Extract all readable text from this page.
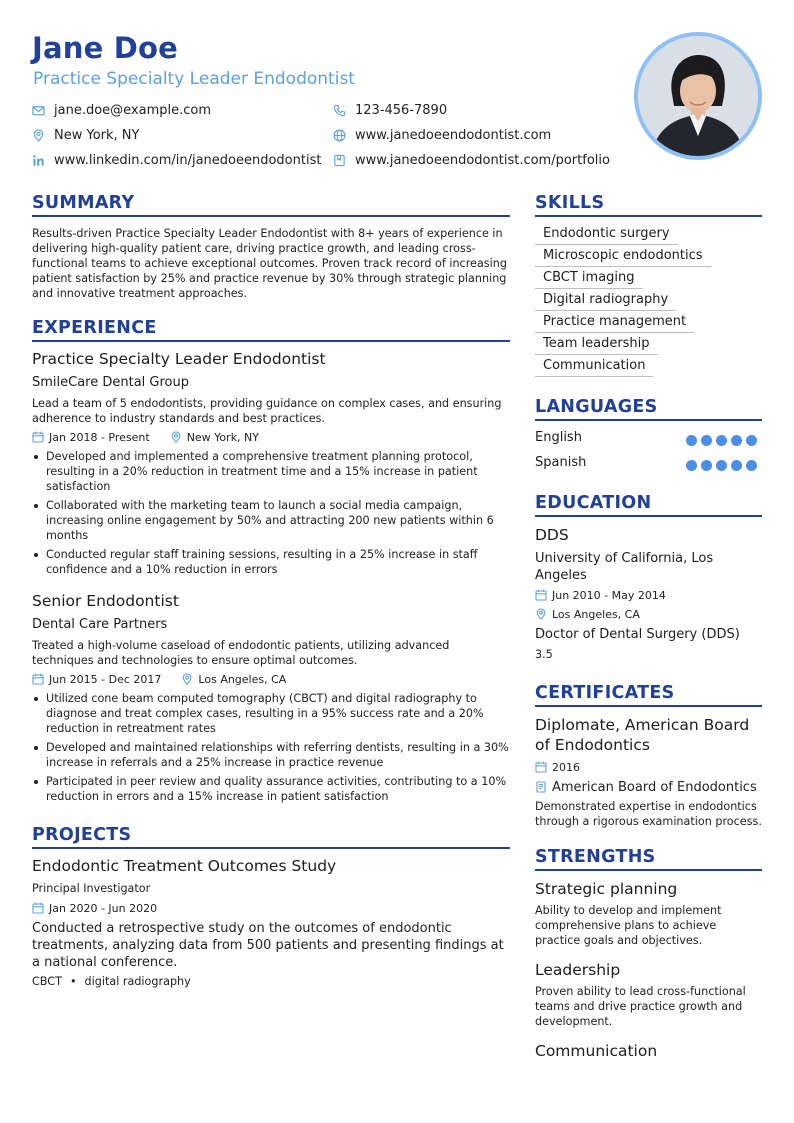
Jane Doe
Practice Specialty Leader Endodontist
jane.doe@example.com	123-456-7890
New York, NY	www.janedoeendodontist.com
www.linkedin.com/in/janedoeendodontist	www.janedoeendodontist.com/portfolio
SUMMARY
Results-driven Practice Specialty Leader Endodontist with 8+ years of experience in delivering high-quality patient care, driving practice growth, and leading cross-functional teams to achieve exceptional outcomes. Proven track record of increasing patient satisfaction by 25% and practice revenue by 30% through strategic planning and innovative treatment approaches.
EXPERIENCE
Practice Specialty Leader Endodontist
SmileCare Dental Group
Lead a team of 5 endodontists, providing guidance on complex cases, and ensuring adherence to industry standards and best practices.
Jan 2018 - Present	New York, NY
Developed and implemented a comprehensive treatment planning protocol, resulting in a 20% reduction in treatment time and a 15% increase in patient satisfaction
Collaborated with the marketing team to launch a social media campaign, increasing online engagement by 50% and attracting 200 new patients within 6 months
Conducted regular staff training sessions, resulting in a 25% increase in staff confidence and a 10% reduction in errors
Senior Endodontist
Dental Care Partners
Treated a high-volume caseload of endodontic patients, utilizing advanced techniques and technologies to ensure optimal outcomes.
Jun 2015 - Dec 2017	Los Angeles, CA
Utilized cone beam computed tomography (CBCT) and digital radiography to diagnose and treat complex cases, resulting in a 95% success rate and a 20% reduction in retreatment rates
Developed and maintained relationships with referring dentists, resulting in a 30% increase in referrals and a 25% increase in practice revenue
Participated in peer review and quality assurance activities, contributing to a 10% reduction in errors and a 15% increase in patient satisfaction
PROJECTS
Endodontic Treatment Outcomes Study
Principal Investigator
Jan 2020 - Jun 2020
Conducted a retrospective study on the outcomes of endodontic treatments, analyzing data from 500 patients and presenting findings at a national conference.
CBCT • digital radiography
SKILLS
Endodontic surgery
Microscopic endodontics
CBCT imaging
Digital radiography
Practice management
Team leadership
Communication
LANGUAGES
English
Spanish
EDUCATION
DDS
University of California, Los Angeles
Jun 2010 - May 2014
Los Angeles, CA
Doctor of Dental Surgery (DDS)
3.5
CERTIFICATES
Diplomate, American Board of Endodontics
2016
American Board of Endodontics
Demonstrated expertise in endodontics through a rigorous examination process.
STRENGTHS
Strategic planning
Ability to develop and implement comprehensive plans to achieve practice goals and objectives.
Leadership
Proven ability to lead cross-functional teams and drive practice growth and development.
Communication
